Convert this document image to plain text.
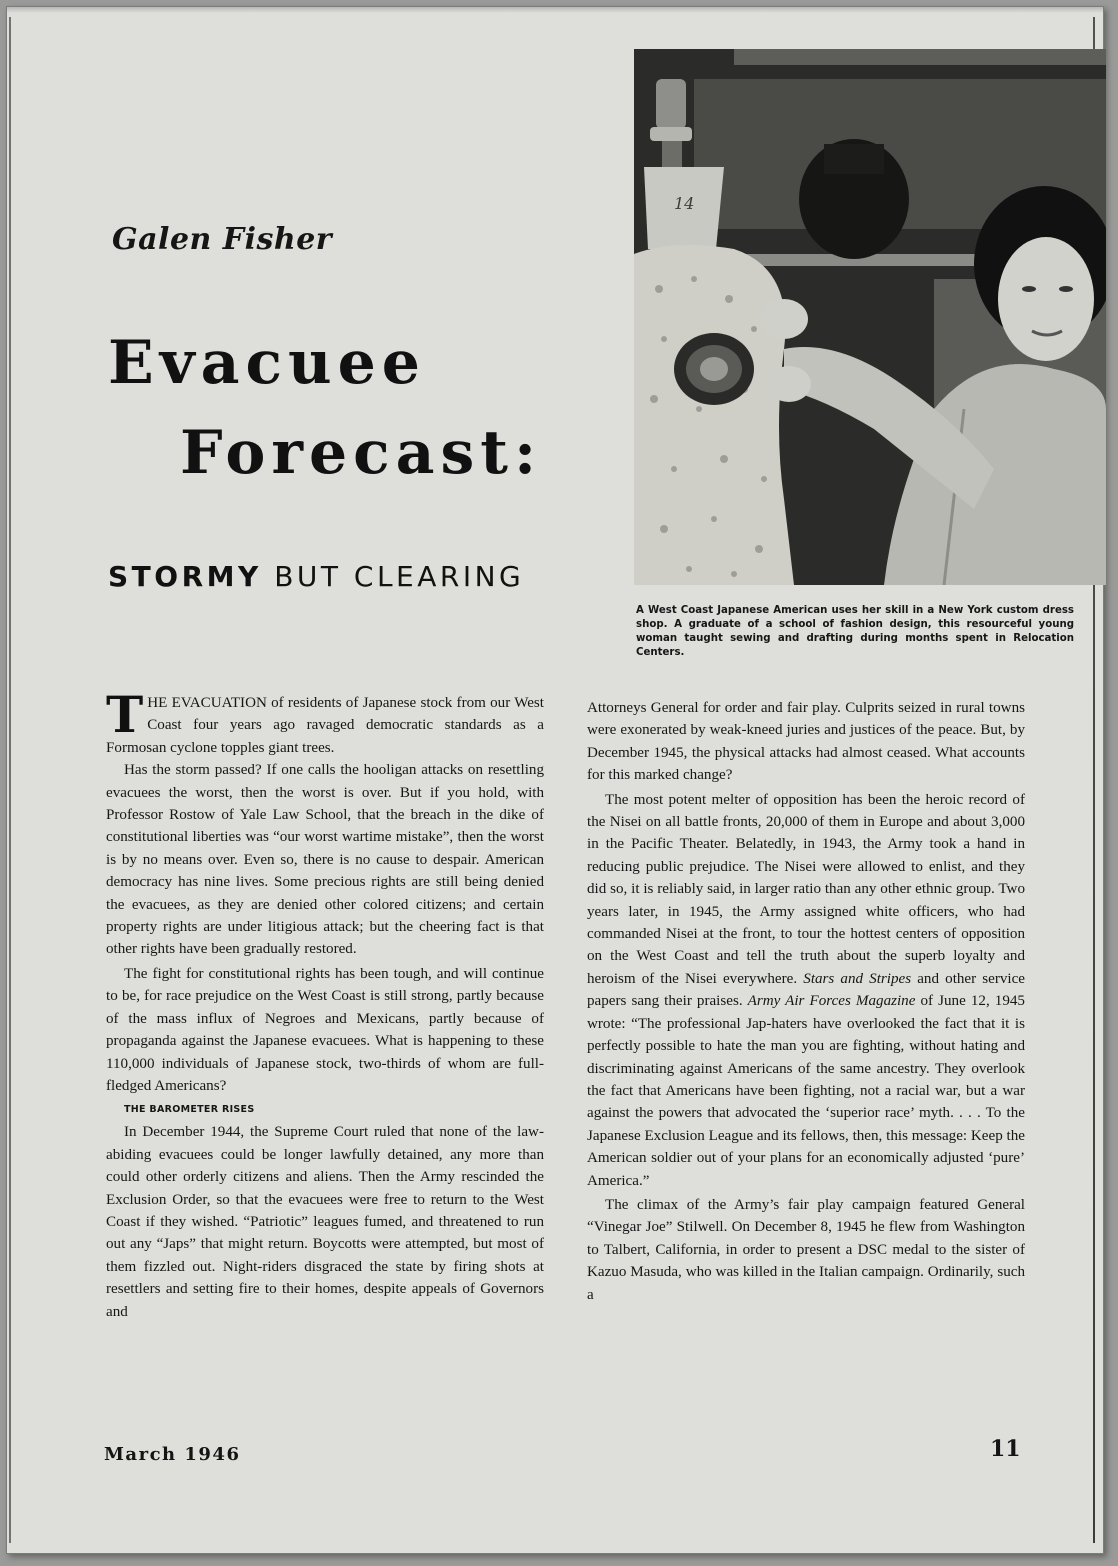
Galen Fisher
Evacuee
Forecast:
STORMY BUT CLEARING
14
A West Coast Japanese American uses her skill in a New York custom dress shop. A graduate of a school of fashion design, this resourceful young woman taught sewing and drafting during months spent in Relocation Centers.

THE EVACUATION of residents of Japanese stock from our West Coast four years ago ravaged democratic standards as a Formosan cyclone topples giant trees.

Has the storm passed? If one calls the hooligan attacks on resettling evacuees the worst, then the worst is over. But if you hold, with Professor Rostow of Yale Law School, that the breach in the dike of constitutional liberties was “our worst wartime mistake”, then the worst is by no means over. Even so, there is no cause to despair. American democracy has nine lives. Some precious rights are still being denied the evacuees, as they are denied other colored citizens; and certain property rights are under litigious attack; but the cheering fact is that other rights have been gradually restored.

The fight for constitutional rights has been tough, and will continue to be, for race prejudice on the West Coast is still strong, partly because of the mass influx of Negroes and Mexicans, partly because of propaganda against the Japanese evacuees. What is happening to these 110,000 individuals of Japanese stock, two-thirds of whom are full-fledged Americans?

THE BAROMETER RISES

In December 1944, the Supreme Court ruled that none of the law-abiding evacuees could be longer lawfully detained, any more than could other orderly citizens and aliens. Then the Army rescinded the Exclusion Order, so that the evacuees were free to return to the West Coast if they wished. “Patriotic” leagues fumed, and threatened to run out any “Japs” that might return. Boycotts were attempted, but most of them fizzled out. Night-riders disgraced the state by firing shots at resettlers and setting fire to their homes, despite appeals of Governors and

Attorneys General for order and fair play. Culprits seized in rural towns were exonerated by weak-kneed juries and justices of the peace. But, by December 1945, the physical attacks had almost ceased. What accounts for this marked change?

The most potent melter of opposition has been the heroic record of the Nisei on all battle fronts, 20,000 of them in Europe and about 3,000 in the Pacific Theater. Belatedly, in 1943, the Army took a hand in reducing public prejudice. The Nisei were allowed to enlist, and they did so, it is reliably said, in larger ratio than any other ethnic group. Two years later, in 1945, the Army assigned white officers, who had commanded Nisei at the front, to tour the hottest centers of opposition on the West Coast and tell the truth about the superb loyalty and heroism of the Nisei everywhere. Stars and Stripes and other service papers sang their praises. Army Air Forces Magazine of June 12, 1945 wrote: “The professional Jap-haters have overlooked the fact that it is perfectly possible to hate the man you are fighting, without hating and discriminating against Americans of the same ancestry. They overlook the fact that Americans have been fighting, not a racial war, but a war against the powers that advocated the ‘superior race’ myth. . . . To the Japanese Exclusion League and its fellows, then, this message: Keep the American soldier out of your plans for an economically adjusted ‘pure’ America.”

The climax of the Army’s fair play campaign featured General “Vinegar Joe” Stilwell. On December 8, 1945 he flew from Washington to Talbert, California, in order to present a DSC medal to the sister of Kazuo Masuda, who was killed in the Italian campaign. Ordinarily, such a

March 1946	11
